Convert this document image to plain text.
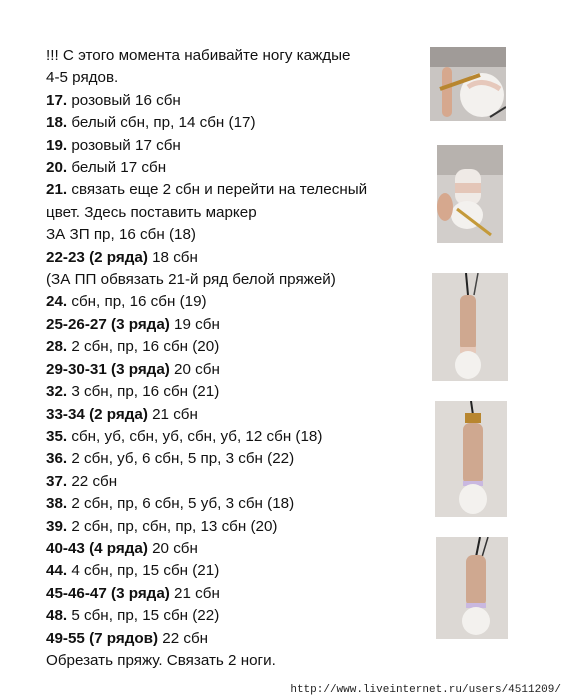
!!! С этого момента набивайте ногу каждые
4-5 рядов.
17. розовый 16 сбн
18. белый сбн, пр, 14 сбн (17)
19. розовый 17 сбн
20. белый 17 сбн
21. связать еще 2 сбн и перейти на телесный
цвет. Здесь поставить маркер
ЗА ЗП пр, 16 сбн (18)
22-23 (2 ряда) 18 сбн
(ЗА ПП обвязать 21-й ряд белой пряжей)
24. сбн, пр, 16 сбн (19)
25-26-27 (3 ряда) 19 сбн
28. 2 сбн, пр, 16 сбн (20)
29-30-31 (3 ряда) 20 сбн
32. 3 сбн, пр, 16 сбн (21)
33-34 (2 ряда) 21 сбн
35. сбн, уб, сбн, уб, сбн, уб, 12 сбн (18)
36. 2 сбн, уб, 6 сбн, 5 пр, 3 сбн (22)
37. 22 сбн
38. 2 сбн, пр, 6 сбн, 5 уб, 3 сбн (18)
39. 2 сбн, пр, сбн, пр, 13 сбн (20)
40-43 (4 ряда) 20 сбн
44. 4 сбн, пр, 15 сбн (21)
45-46-47 (3 ряда) 21 сбн
48. 5 сбн, пр, 15 сбн (22)
49-55 (7 рядов) 22 сбн
Обрезать пряжу. Связать 2 ноги.
http://www.liveinternet.ru/users/4511209/
